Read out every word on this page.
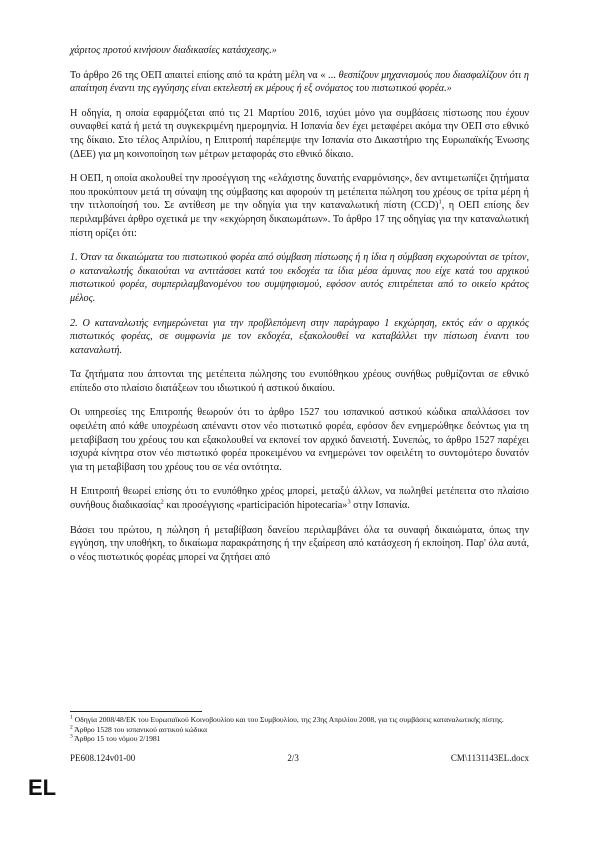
χάριτος προτού κινήσουν διαδικασίες κατάσχεσης.»

Το άρθρο 26 της ΟΕΠ απαιτεί επίσης από τα κράτη μέλη να « ... θεσπίζουν μηχανισμούς που διασφαλίζουν ότι η απαίτηση έναντι της εγγύησης είναι εκτελεστή εκ μέρους ή εξ ονόματος του πιστωτικού φορέα.»

Η οδηγία, η οποία εφαρμόζεται από τις 21 Μαρτίου 2016, ισχύει μόνο για συμβάσεις πίστωσης που έχουν συναφθεί κατά ή μετά τη συγκεκριμένη ημερομηνία. Η Ισπανία δεν έχει μεταφέρει ακόμα την ΟΕΠ στο εθνικό της δίκαιο. Στο τέλος Απριλίου, η Επιτροπή παρέπεμψε την Ισπανία στο Δικαστήριο της Ευρωπαϊκής Ένωσης (ΔΕΕ) για μη κοινοποίηση των μέτρων μεταφοράς στο εθνικό δίκαιο.

Η ΟΕΠ, η οποία ακολουθεί την προσέγγιση της «ελάχιστης δυνατής εναρμόνισης», δεν αντιμετωπίζει ζητήματα που προκύπτουν μετά τη σύναψη της σύμβασης και αφορούν τη μετέπειτα πώληση του χρέους σε τρίτα μέρη ή την τιτλοποίησή του. Σε αντίθεση με την οδηγία για την καταναλωτική πίστη (CCD)$^1$, η ΟΕΠ επίσης δεν περιλαμβάνει άρθρο σχετικά με την «εκχώρηση δικαιωμάτων». Το άρθρο 17 της οδηγίας για την καταναλωτική πίστη ορίζει ότι:

1. Όταν τα δικαιώματα του πιστωτικού φορέα από σύμβαση πίστωσης ή η ίδια η σύμβαση εκχωρούνται σε τρίτον, ο καταναλωτής δικαιούται να αντιτάσσει κατά του εκδοχέα τα ίδια μέσα άμυνας που είχε κατά του αρχικού πιστωτικού φορέα, συμπεριλαμβανομένου του συμψηφισμού, εφόσον αυτός επιτρέπεται από το οικείο κράτος μέλος.

2. Ο καταναλωτής ενημερώνεται για την προβλεπόμενη στην παράγραφο 1 εκχώρηση, εκτός εάν ο αρχικός πιστωτικός φορέας, σε συμφωνία με τον εκδοχέα, εξακολουθεί να καταβάλλει την πίστωση έναντι του καταναλωτή.

Τα ζητήματα που άπτονται της μετέπειτα πώλησης του ενυπόθηκου χρέους συνήθως ρυθμίζονται σε εθνικό επίπεδο στο πλαίσιο διατάξεων του ιδιωτικού ή αστικού δικαίου.

Οι υπηρεσίες της Επιτροπής θεωρούν ότι το άρθρο 1527 του ισπανικού αστικού κώδικα απαλλάσσει τον οφειλέτη από κάθε υποχρέωση απέναντι στον νέο πιστωτικό φορέα, εφόσον δεν ενημερώθηκε δεόντως για τη μεταβίβαση του χρέους του και εξακολουθεί να εκπονεί τον αρχικό δανειστή. Συνεπώς, το άρθρο 1527 παρέχει ισχυρά κίνητρα στον νέο πιστωτικό φορέα προκειμένου να ενημερώνει τον οφειλέτη το συντομότερο δυνατόν για τη μεταβίβαση του χρέους του σε νέα οντότητα.

Η Επιτροπή θεωρεί επίσης ότι το ενυπόθηκο χρέος μπορεί, μεταξύ άλλων, να πωληθεί μετέπειτα στο πλαίσιο συνήθους διαδικασίας$^2$ και προσέγγισης «participación hipotecaria»$^3$ στην Ισπανία.

Βάσει του πρώτου, η πώληση ή μεταβίβαση δανείου περιλαμβάνει όλα τα συναφή δικαιώματα, όπως την εγγύηση, την υποθήκη, το δικαίωμα παρακράτησης ή την εξαίρεση από κατάσχεση ή εκποίηση. Παρ' όλα αυτά, ο νέος πιστωτικός φορέας μπορεί να ζητήσει από

$^1$ Οδηγία 2008/48/ΕΚ του Ευρωπαϊκού Κοινοβουλίου και του Συμβουλίου, της 23ης Απριλίου 2008, για τις συμβάσεις καταναλωτικής πίστης.
$^2$ Άρθρο 1528 του ισπανικού αστικού κώδικα
$^3$ Άρθρο 15 του νόμου 2/1981
PE608.124v01-00	2/3	CM\1131143EL.docx
EL
